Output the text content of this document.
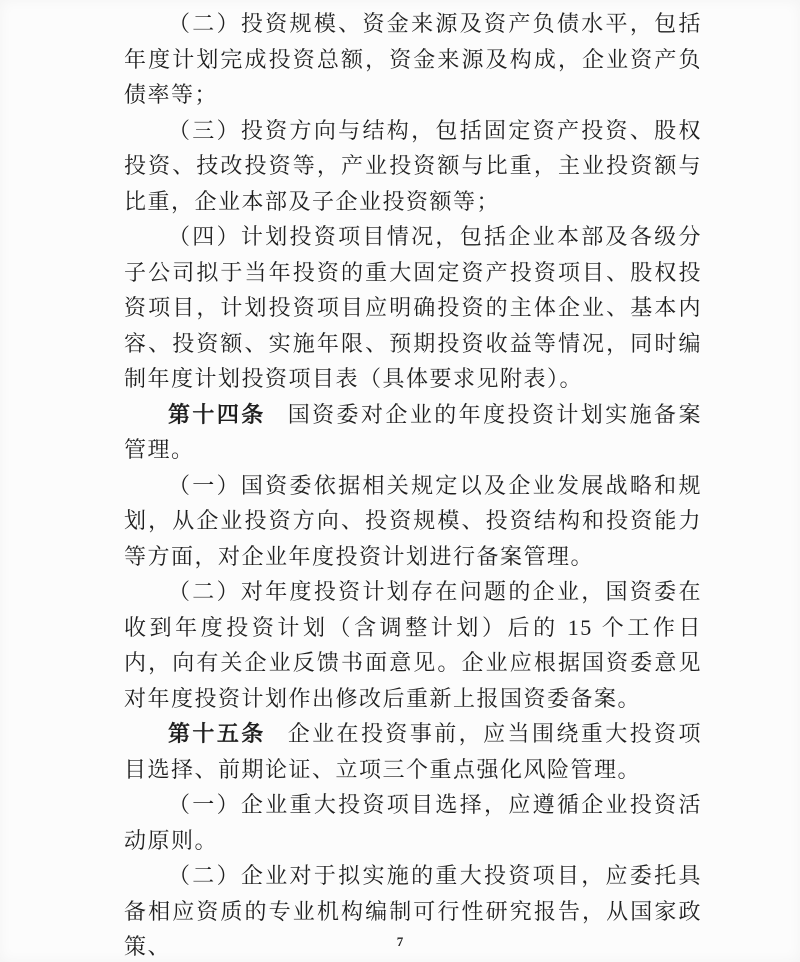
（二）投资规模、资金来源及资产负债水平，包括年度计划完成投资总额，资金来源及构成，企业资产负债率等；

（三）投资方向与结构，包括固定资产投资、股权投资、技改投资等，产业投资额与比重，主业投资额与比重，企业本部及子企业投资额等；

（四）计划投资项目情况，包括企业本部及各级分子公司拟于当年投资的重大固定资产投资项目、股权投资项目，计划投资项目应明确投资的主体企业、基本内容、投资额、实施年限、预期投资收益等情况，同时编制年度计划投资项目表（具体要求见附表）。

第十四条 国资委对企业的年度投资计划实施备案管理。

（一）国资委依据相关规定以及企业发展战略和规划，从企业投资方向、投资规模、投资结构和投资能力等方面，对企业年度投资计划进行备案管理。

（二）对年度投资计划存在问题的企业，国资委在收到年度投资计划（含调整计划）后的 15 个工作日内，向有关企业反馈书面意见。企业应根据国资委意见对年度投资计划作出修改后重新上报国资委备案。

第十五条 企业在投资事前，应当围绕重大投资项目选择、前期论证、立项三个重点强化风险管理。

（一）企业重大投资项目选择，应遵循企业投资活动原则。

（二）企业对于拟实施的重大投资项目，应委托具备相应资质的专业机构编制可行性研究报告，从国家政策、	7
